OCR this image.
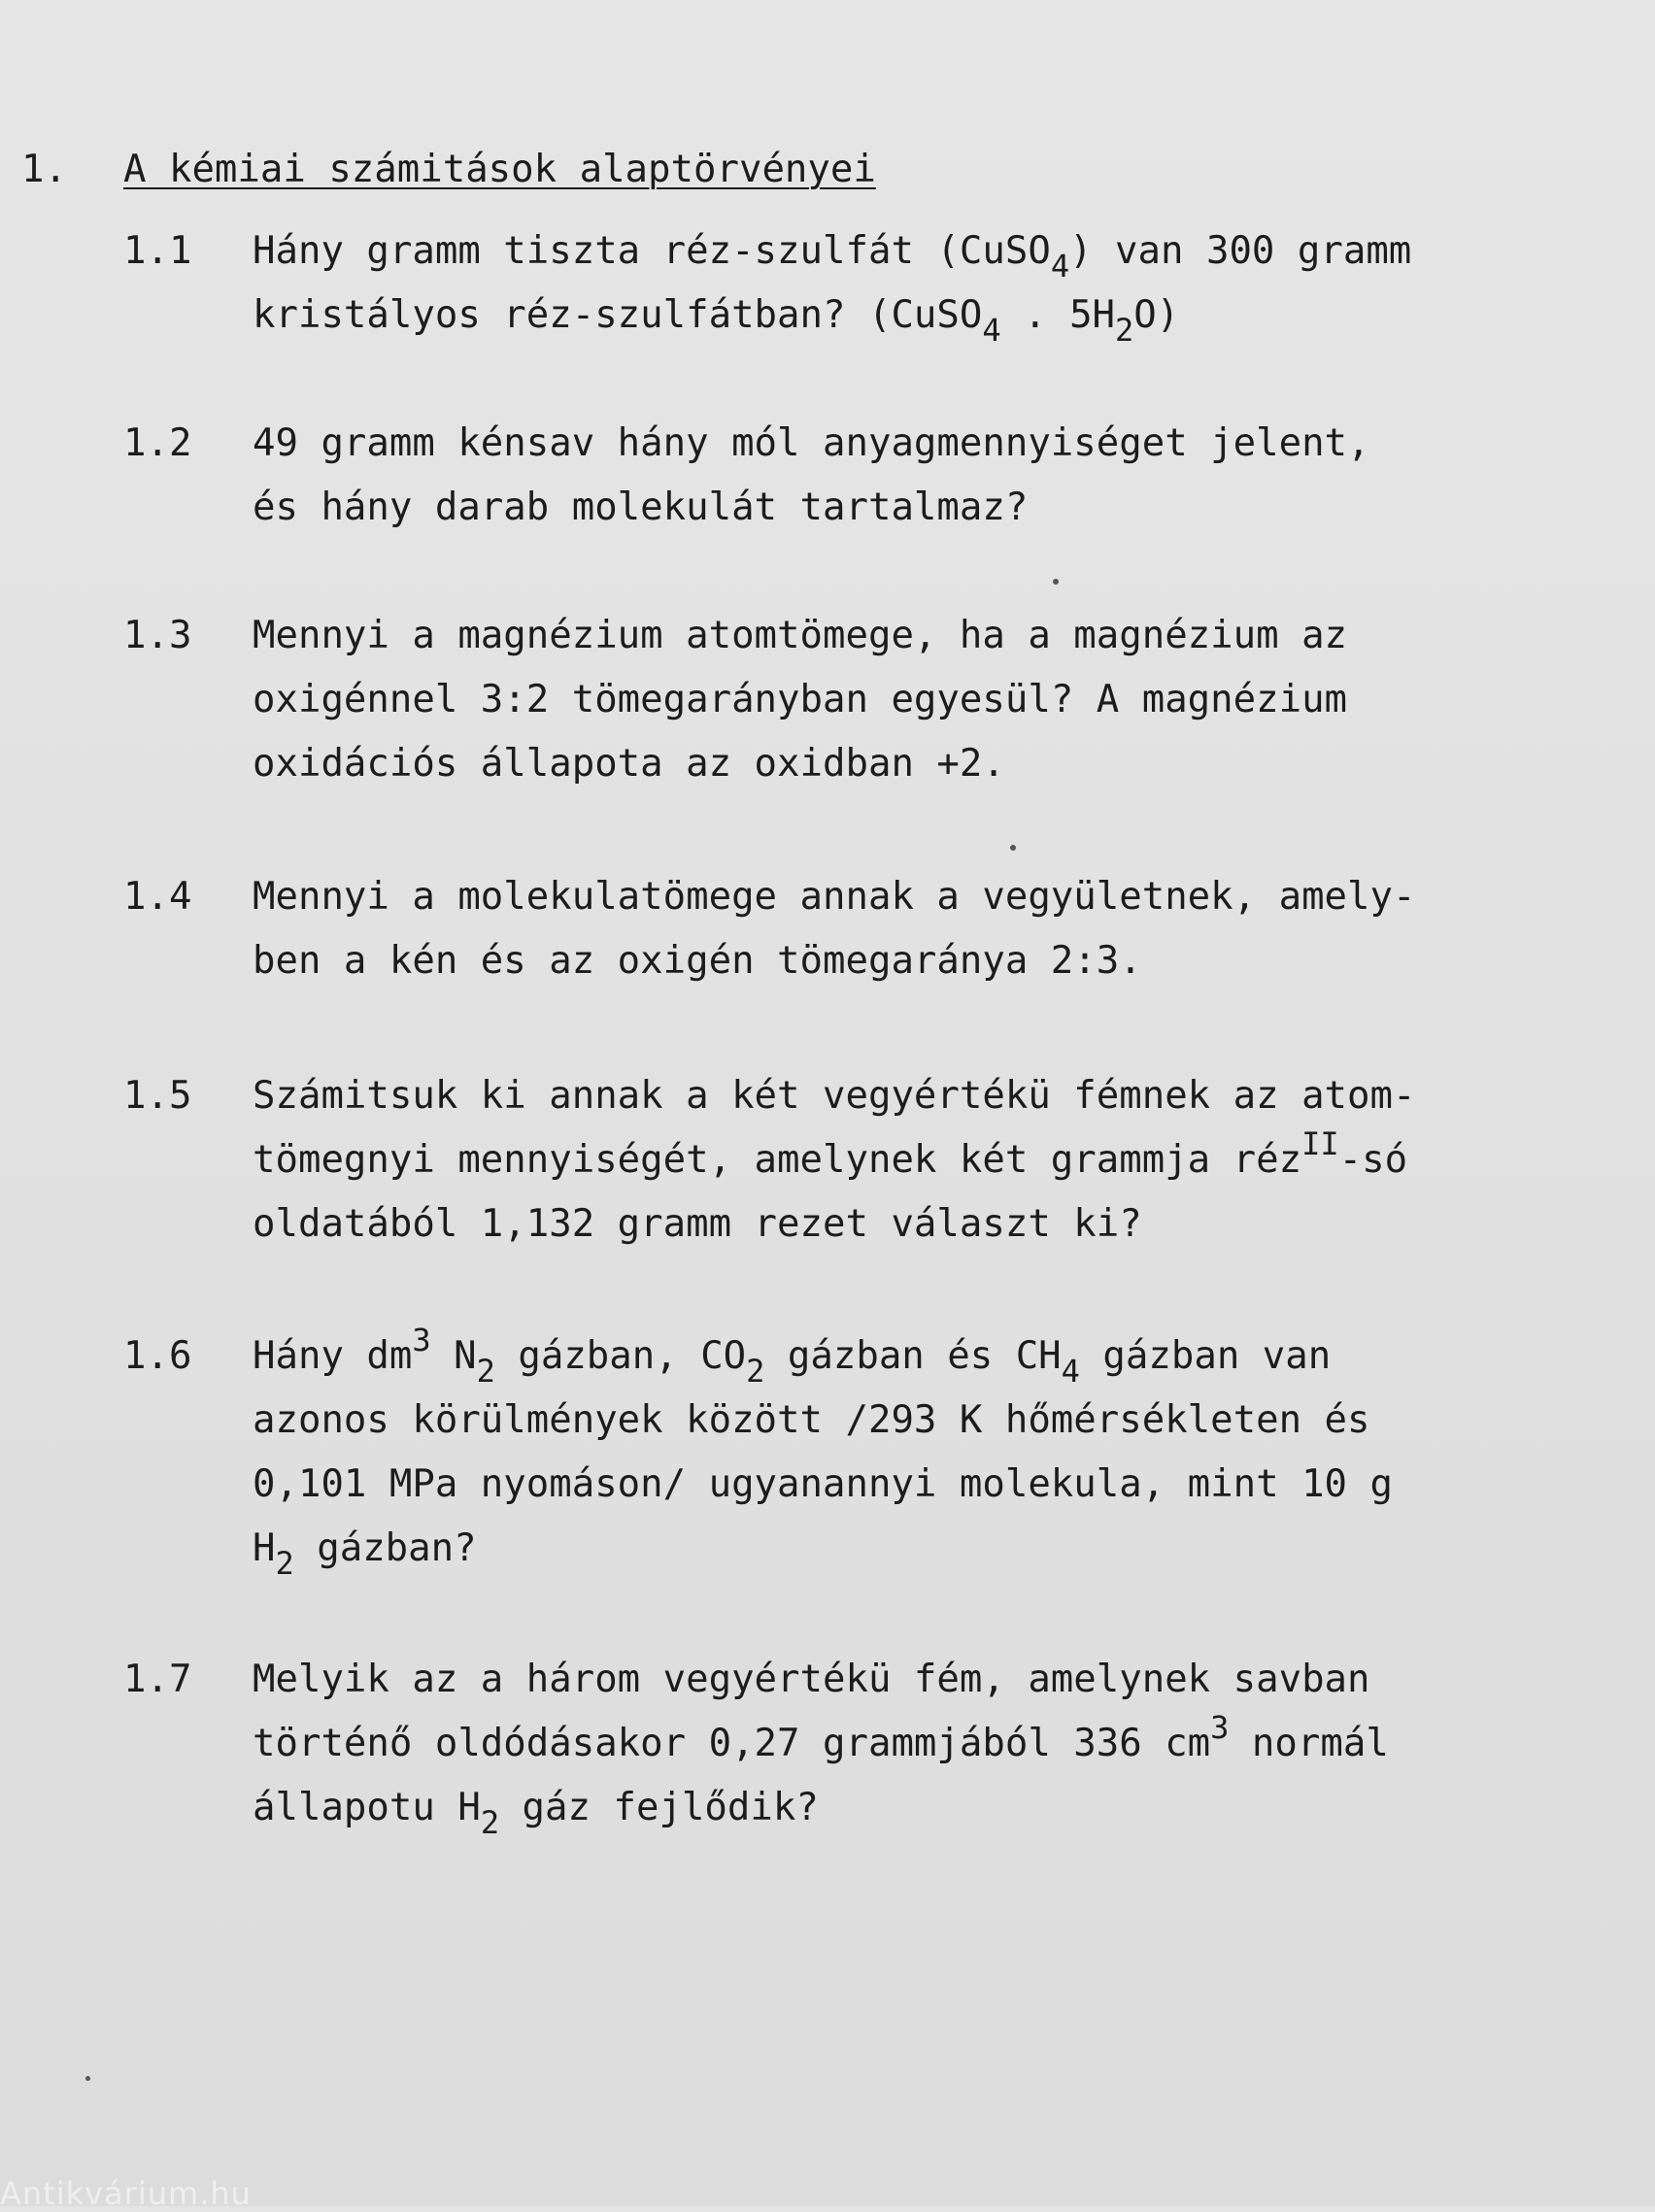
1. A kémiai számitások alaptörvényei
1.1 Hány gramm tiszta réz-szulfát (CuSO$_4$) van 300 gramm
kristályos réz-szulfátban? (CuSO$_4$ . $5H_2O$)
1.2 49 gramm kénsav hány mól anyagmennyiséget jelent,
és hány darab molekulát tartalmaz?
1.3 Mennyi a magnézium atomtömege, ha a magnézium az
oxigénnel 3:2 tömegarányban egyesül? A magnézium
oxidációs állapota az oxidban +2.
1.4 Mennyi a molekulatömege annak a vegyületnek, amely-
ben a kén és az oxigén tömegaránya 2:3.
1.5 Számitsuk ki annak a két vegyértékü fémnek az atom-
tömegnyi mennyiségét, amelynek két grammja réz$^{II}$-só
oldatából 1,132 gramm rezet választ ki?
1.6 Hány $dm^3$ $N_2$ gázban, $CO_2$ gázban és $CH_4$ gázban van
azonos körülmények között /293 K hőmérsékleten és
0,101 MPa nyomáson/ ugyanannyi molekula, mint 10 g
$H_2$ gázban?
1.7 Melyik az a három vegyértékü fém, amelynek savban
történő oldódásakor 0,27 grammjából 336 $cm^3$ normál
állapotu $H_2$ gáz fejlődik?
Antikvárium.hu
